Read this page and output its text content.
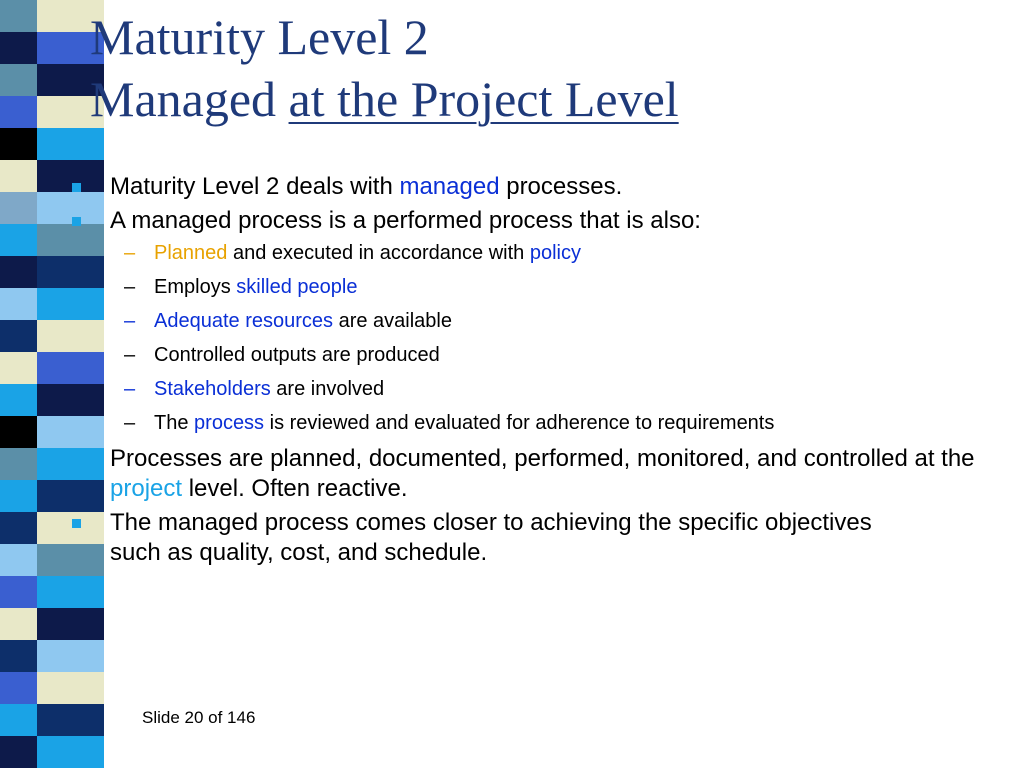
Maturity Level 2
Managed at the Project Level
Maturity Level 2 deals with managed processes.
A managed process is a performed process that is also:
– Planned and executed in accordance with policy
– Employs skilled people
– Adequate resources are available
– Controlled outputs are produced
– Stakeholders are involved
– The process is reviewed and evaluated for adherence to requirements
Processes are planned, documented, performed, monitored, and controlled at the project level. Often reactive.
The managed process comes closer to achieving the specific objectives such as quality, cost, and schedule.
Slide 20 of 146
